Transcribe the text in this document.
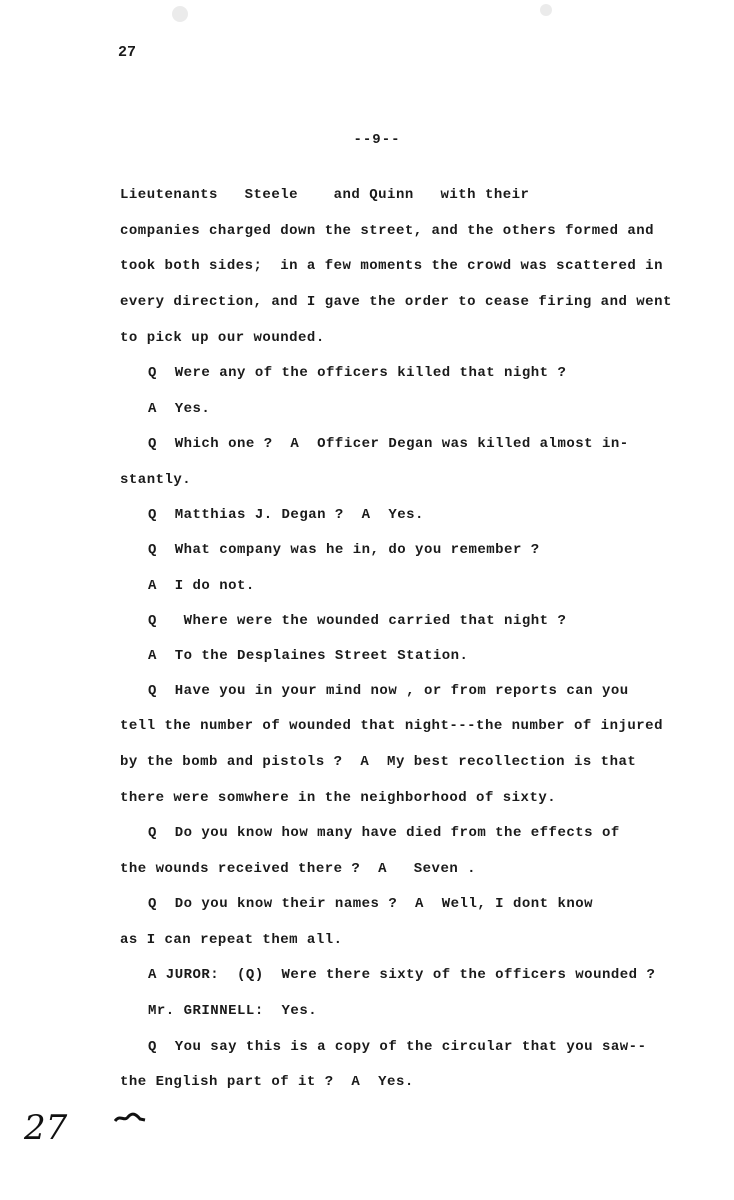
27
--9--
Lieutenants   Steele    and Quinn   with their
companies charged down the street, and the others formed and
took both sides;  in a few moments the crowd was scattered in
every direction, and I gave the order to cease firing and went
to pick up our wounded.
Q  Were any of the officers killed that night ?
A  Yes.
Q  Which one ?  A  Officer Degan was killed almost in-
stantly.
Q  Matthias J. Degan ?  A  Yes.
Q  What company was he in, do you remember ?
A  I do not.
Q   Where were the wounded carried that night ?
A  To the Desplaines Street Station.
Q  Have you in your mind now , or from reports can you
tell the number of wounded that night---the number of injured
by the bomb and pistols ?  A  My best recollection is that
there were somwhere in the neighborhood of sixty.
Q  Do you know how many have died from the effects of
the wounds received there ?  A   Seven .
Q  Do you know their names ?  A  Well, I dont know
as I can repeat them all.
A JUROR:  (Q)  Were there sixty of the officers wounded ?
Mr. GRINNELL:  Yes.
Q  You say this is a copy of the circular that you saw--
the English part of it ?  A  Yes.
27
